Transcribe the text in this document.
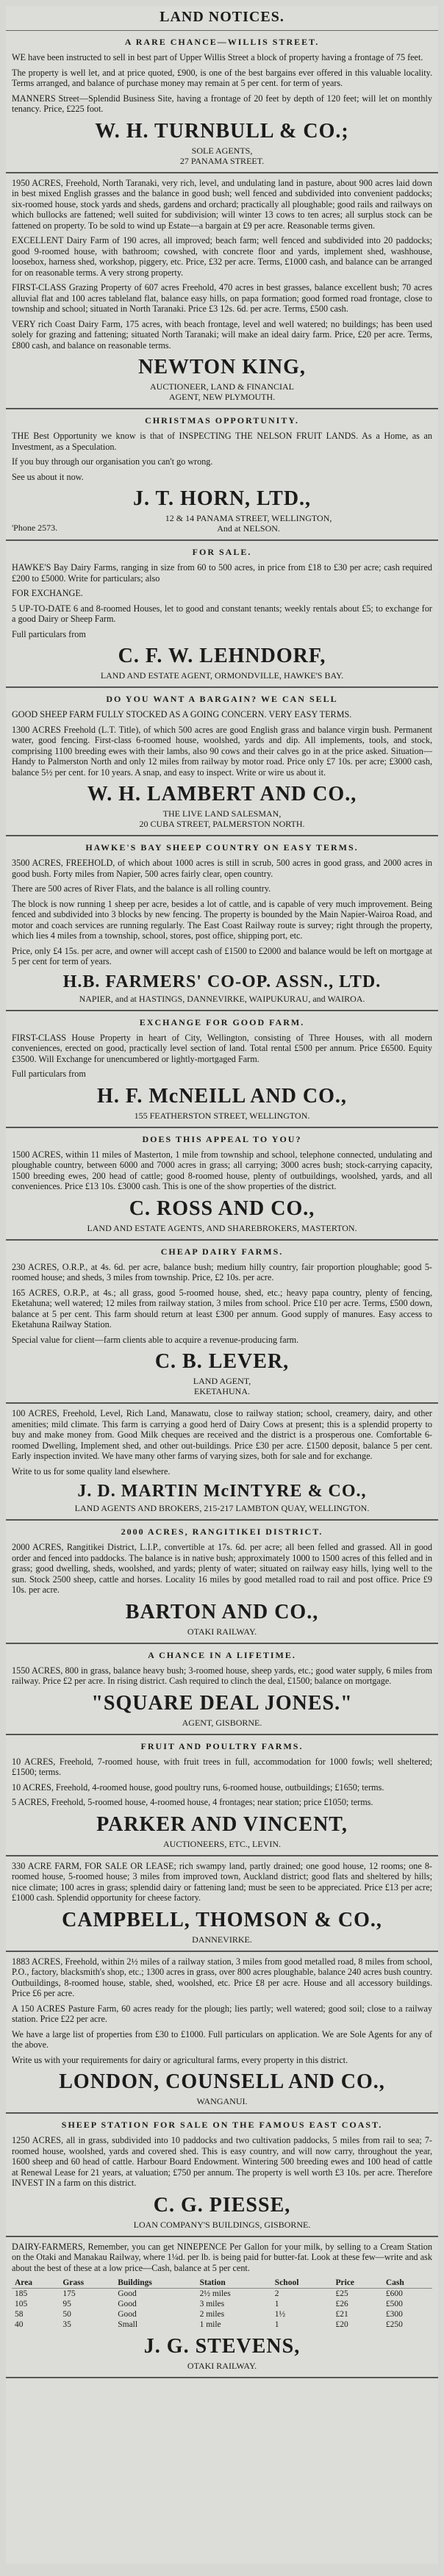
LAND NOTICES.
A RARE CHANCE—WILLIS STREET.
WE have been instructed to sell in best part of Upper Willis Street a block of property having a frontage of 75 feet.
The property is well let, and at price quoted, £900, is one of the best bargains ever offered in this valuable locality. Terms arranged, and balance of purchase money may remain at 5 per cent. for term of years.
MANNERS Street—Splendid Business Site, having a frontage of 20 feet by depth of 120 feet; will let on monthly tenancy. Price, £225 foot.
W. H. TURNBULL & CO.;
SOLE AGENTS,
27 PANAMA STREET.
1950 ACRES, Freehold, North Taranaki, very rich, level, and undulating land in pasture, about 900 acres laid down in best mixed English grasses and the balance in good bush; well fenced and subdivided into convenient paddocks; six-roomed house, stock yards and sheds, gardens and orchard; practically all ploughable; good rails and railways on which bullocks are fattened; well suited for subdivision; will winter 13 cows to ten acres; all surplus stock can be fattened on property. To be sold to wind up Estate—a bargain at £9 per acre. Reasonable terms given.
EXCELLENT Dairy Farm of 190 acres, all improved; beach farm; well fenced and subdivided into 20 paddocks; good 9-roomed house, with bathroom; cowshed, with concrete floor and yards, implement shed, washhouse, loosebox, harness shed, workshop, piggery, etc. Price, £32 per acre. Terms, £1000 cash, and balance can be arranged for on reasonable terms. A very strong property.
FIRST-CLASS Grazing Property of 607 acres Freehold, 470 acres in best grasses, balance excellent bush; 70 acres alluvial flat and 100 acres tableland flat, balance easy hills, on papa formation; good formed road frontage, close to township and school; situated in North Taranaki. Price £3 12s. 6d. per acre. Terms, £500 cash.
VERY rich Coast Dairy Farm, 175 acres, with beach frontage, level and well watered; no buildings; has been used solely for grazing and fattening; situated North Taranaki; will make an ideal dairy farm. Price, £20 per acre. Terms, £800 cash, and balance on reasonable terms.
NEWTON KING,
AUCTIONEER, LAND & FINANCIAL
AGENT, NEW PLYMOUTH.
CHRISTMAS OPPORTUNITY.
THE Best Opportunity we know is that of INSPECTING THE NELSON FRUIT LANDS. As a Home, as an Investment, as a Speculation.
If you buy through our organisation you can't go wrong.
See us about it now.
J. T. HORN, LTD.,
'Phone 2573.
12 & 14 PANAMA STREET, WELLINGTON,
And at NELSON.
FOR SALE.
HAWKE'S Bay Dairy Farms, ranging in size from 60 to 500 acres, in price from £18 to £30 per acre; cash required £200 to £5000. Write for particulars; also
FOR EXCHANGE.
5 UP-TO-DATE 6 and 8-roomed Houses, let to good and constant tenants; weekly rentals about £5; to exchange for a good Dairy or Sheep Farm.
Full particulars from
C. F. W. LEHNDORF,
LAND AND ESTATE AGENT, ORMONDVILLE, HAWKE'S BAY.
DO YOU WANT A BARGAIN? WE CAN SELL
GOOD SHEEP FARM FULLY STOCKED AS A GOING CONCERN. VERY EASY TERMS.
1300 ACRES Freehold (L.T. Title), of which 500 acres are good English grass and balance virgin bush. Permanent water, good fencing. First-class 6-roomed house, woolshed, yards and dip. All implements, tools, and stock, comprising 1100 breeding ewes with their lambs, also 90 cows and their calves go in at the price asked. Situation—Handy to Palmerston North and only 12 miles from railway by motor road. Price only £7 10s. per acre; £3000 cash, balance 5½ per cent. for 10 years. A snap, and easy to inspect. Write or wire us about it.
W. H. LAMBERT AND CO.,
THE LIVE LAND SALESMAN,
20 CUBA STREET, PALMERSTON NORTH.
HAWKE'S BAY SHEEP COUNTRY ON EASY TERMS.
3500 ACRES, FREEHOLD, of which about 1000 acres is still in scrub, 500 acres in good grass, and 2000 acres in good bush. Forty miles from Napier, 500 acres fairly clear, open country.
There are 500 acres of River Flats, and the balance is all rolling country.
The block is now running 1 sheep per acre, besides a lot of cattle, and is capable of very much improvement. Being fenced and subdivided into 3 blocks by new fencing. The property is bounded by the Main Napier-Wairoa Road, and motor and coach services are running regularly. The East Coast Railway route is survey; right through the property, which lies 4 miles from a township, school, stores, post office, shipping port, etc.
Price, only £4 15s. per acre, and owner will accept cash of £1500 to £2000 and balance would be left on mortgage at 5 per cent for term of years.
H.B. FARMERS' CO-OP. ASSN., LTD.
NAPIER, and at HASTINGS, DANNEVIRKE, WAIPUKURAU, and WAIROA.
EXCHANGE FOR GOOD FARM.
FIRST-CLASS House Property in heart of City, Wellington, consisting of Three Houses, with all modern conveniences, erected on good, practically level section of land. Total rental £500 per annum. Price £6500. Equity £3500. Will Exchange for unencumbered or lightly-mortgaged Farm.
Full particulars from
H. F. McNEILL AND CO.,
155 FEATHERSTON STREET, WELLINGTON.
DOES THIS APPEAL TO YOU?
1500 ACRES, within 11 miles of Masterton, 1 mile from township and school, telephone connected, undulating and ploughable country, between 6000 and 7000 acres in grass; all carrying; 3000 acres bush; stock-carrying capacity, 1500 breeding ewes, 200 head of cattle; good 8-roomed house, plenty of outbuildings, woolshed, yards, and all conveniences. Price £13 10s. £3000 cash. This is one of the show properties of the district.
C. ROSS AND CO.,
LAND AND ESTATE AGENTS, AND SHAREBROKERS, MASTERTON.
CHEAP DAIRY FARMS.
230 ACRES, O.R.P., at 4s. 6d. per acre, balance bush; medium hilly country, fair proportion ploughable; good 5-roomed house; and sheds, 3 miles from township. Price, £2 10s. per acre.
165 ACRES, O.R.P., at 4s.; all grass, good 5-roomed house, shed, etc.; heavy papa country, plenty of fencing, Eketahuna; well watered; 12 miles from railway station, 3 miles from school. Price £10 per acre. Terms, £500 down, balance at 5 per cent. This farm should return at least £300 per annum. Good supply of manures. Easy access to Eketahuna Railway Station.
Special value for client—farm clients able to acquire a revenue-producing farm.
C. B. LEVER,
LAND AGENT,
EKETAHUNA.
100 ACRES, Freehold, Level, Rich Land, Manawatu, close to railway station; school, creamery, dairy, and other amenities; mild climate. This farm is carrying a good herd of Dairy Cows at present; this is a splendid property to buy and make money from. Good Milk cheques are received and the district is a prosperous one. Comfortable 6-roomed Dwelling, Implement shed, and other out-buildings. Price £30 per acre. £1500 deposit, balance 5 per cent. Early inspection invited. We have many other farms of varying sizes, both for sale and for exchange.
Write to us for some quality land elsewhere.
J. D. MARTIN McINTYRE & CO.,
LAND AGENTS AND BROKERS, 215-217 LAMBTON QUAY, WELLINGTON.
2000 ACRES, RANGITIKEI DISTRICT.
2000 ACRES, Rangitikei District, L.I.P., convertible at 17s. 6d. per acre; all been felled and grassed. All in good order and fenced into paddocks. The balance is in native bush; approximately 1000 to 1500 acres of this felled and in grass; good dwelling, sheds, woolshed, and yards; plenty of water; situated on railway easy hills, lying well to the sun. Stock 2500 sheep, cattle and horses. Locality 16 miles by good metalled road to rail and post office. Price £9 10s. per acre.
BARTON AND CO.,
OTAKI RAILWAY.
A CHANCE IN A LIFETIME.
1550 ACRES, 800 in grass, balance heavy bush; 3-roomed house, sheep yards, etc.; good water supply, 6 miles from railway. Price £2 per acre. In rising district. Cash required to clinch the deal, £1500; balance on mortgage.
"SQUARE DEAL JONES."
AGENT, GISBORNE.
FRUIT AND POULTRY FARMS.
10 ACRES, Freehold, 7-roomed house, with fruit trees in full, accommodation for 1000 fowls; well sheltered; £1500; terms.
10 ACRES, Freehold, 4-roomed house, good poultry runs, 6-roomed house, outbuildings; £1650; terms.
5 ACRES, Freehold, 5-roomed house, 4-roomed house, 4 frontages; near station; price £1050; terms.
PARKER AND VINCENT,
AUCTIONEERS, ETC., LEVIN.
330 ACRE FARM, FOR SALE OR LEASE; rich swampy land, partly drained; one good house, 12 rooms; one 8-roomed house, 5-roomed house; 3 miles from improved town, Auckland district; good flats and sheltered by hills; nice climate; 100 acres in grass; splendid dairy or fattening land; must be seen to be appreciated. Price £13 per acre; £1000 cash. Splendid opportunity for cheese factory.
CAMPBELL, THOMSON & CO.,
DANNEVIRKE.
1883 ACRES, Freehold, within 2½ miles of a railway station, 3 miles from good metalled road, 8 miles from school, P.O., factory, blacksmith's shop, etc.; 1300 acres in grass, over 800 acres ploughable, balance 240 acres bush country. Outbuildings, 8-roomed house, stable, shed, woolshed, etc. Price £8 per acre. House and all accessory buildings. Price £6 per acre.
A 150 ACRES Pasture Farm, 60 acres ready for the plough; lies partly; well watered; good soil; close to a railway station. Price £22 per acre.
We have a large list of properties from £30 to £1000. Full particulars on application. We are Sole Agents for any of the above.
Write us with your requirements for dairy or agricultural farms, every property in this district.
LONDON, COUNSELL AND CO.,
WANGANUI.
SHEEP STATION FOR SALE ON THE FAMOUS EAST COAST.
1250 ACRES, all in grass, subdivided into 10 paddocks and two cultivation paddocks, 5 miles from rail to sea; 7-roomed house, woolshed, yards and covered shed. This is easy country, and will now carry, throughout the year, 1600 sheep and 60 head of cattle. Harbour Board Endowment. Wintering 500 breeding ewes and 100 head of cattle at Renewal Lease for 21 years, at valuation; £750 per annum. The property is well worth £3 10s. per acre. Therefore INVEST IN a farm on this district.
C. G. PIESSE,
LOAN COMPANY'S BUILDINGS, GISBORNE.
DAIRY-FARMERS, Remember, you can get NINEPENCE Per Gallon for your milk, by selling to a Cream Station on the Otaki and Manakau Railway, where 1¼d. per lb. is being paid for butter-fat. Look at these few—write and ask about the best of these at a low price—Cash, balance at 5 per cent.
Area	Grass	Buildings	Station	School	Price	Cash
185	175	Good	2½ miles	2	£25	£600
105	95	Good	3 miles	1	£26	£500
58	50	Good	2 miles	1½	£21	£300
40	35	Small	1 mile	1	£20	£250
J. G. STEVENS,
OTAKI RAILWAY.
